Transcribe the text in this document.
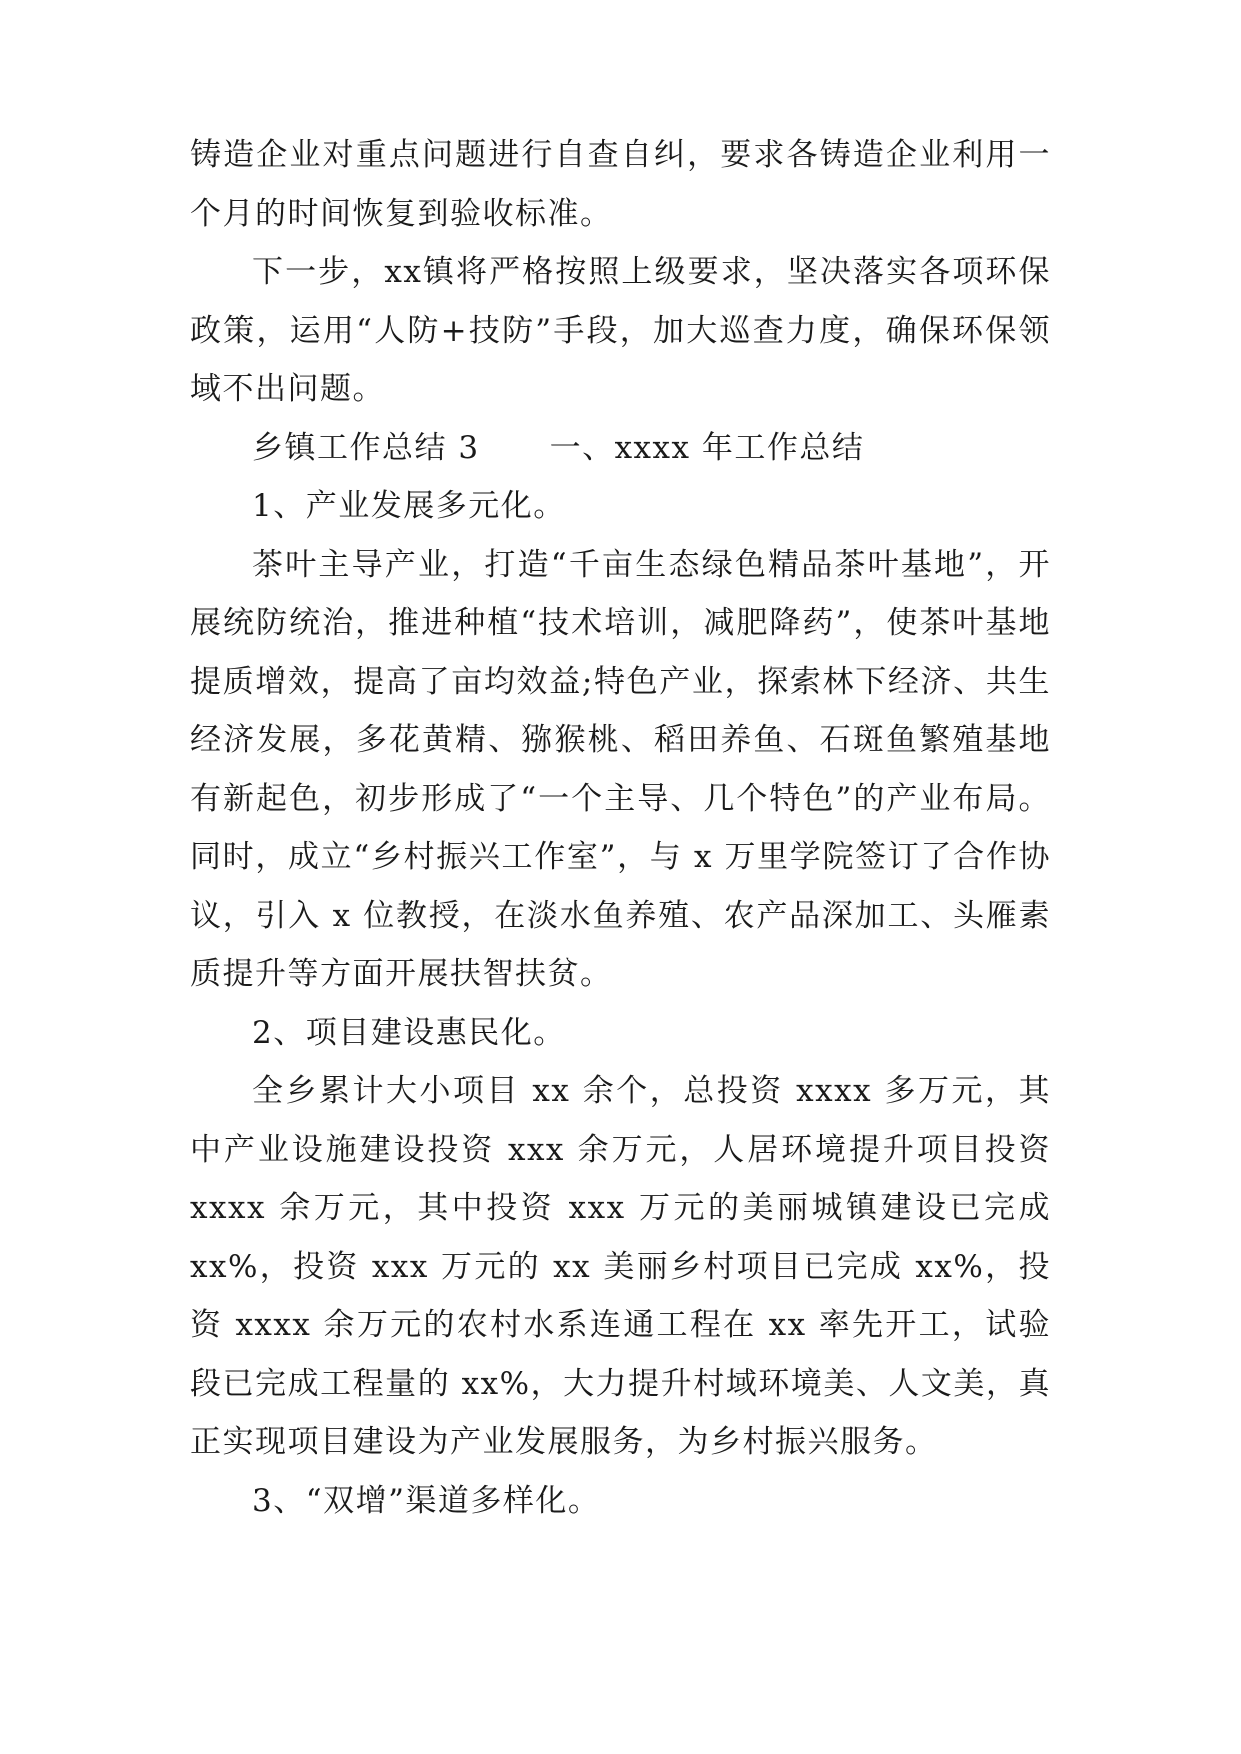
铸造企业对重点问题进行自查自纠，要求各铸造企业利用一个月的时间恢复到验收标准。

下一步，xx镇将严格按照上级要求，坚决落实各项环保政策，运用“人防+技防”手段，加大巡查力度，确保环保领域不出问题。

乡镇工作总结 3 一、xxxx 年工作总结

1、产业发展多元化。

茶叶主导产业，打造“千亩生态绿色精品茶叶基地”，开展统防统治，推进种植“技术培训，减肥降药”，使茶叶基地提质增效，提高了亩均效益;特色产业，探索林下经济、共生经济发展，多花黄精、猕猴桃、稻田养鱼、石斑鱼繁殖基地有新起色，初步形成了“一个主导、几个特色”的产业布局。同时，成立“乡村振兴工作室”，与 x 万里学院签订了合作协议，引入 x 位教授，在淡水鱼养殖、农产品深加工、头雁素质提升等方面开展扶智扶贫。

2、项目建设惠民化。

全乡累计大小项目 xx 余个，总投资 xxxx 多万元，其中产业设施建设投资 xxx 余万元，人居环境提升项目投资 xxxx 余万元，其中投资 xxx 万元的美丽城镇建设已完成 xx%，投资 xxx 万元的 xx 美丽乡村项目已完成 xx%，投资 xxxx 余万元的农村水系连通工程在 xx 率先开工，试验段已完成工程量的 xx%，大力提升村域环境美、人文美，真正实现项目建设为产业发展服务，为乡村振兴服务。

3、“双增”渠道多样化。
